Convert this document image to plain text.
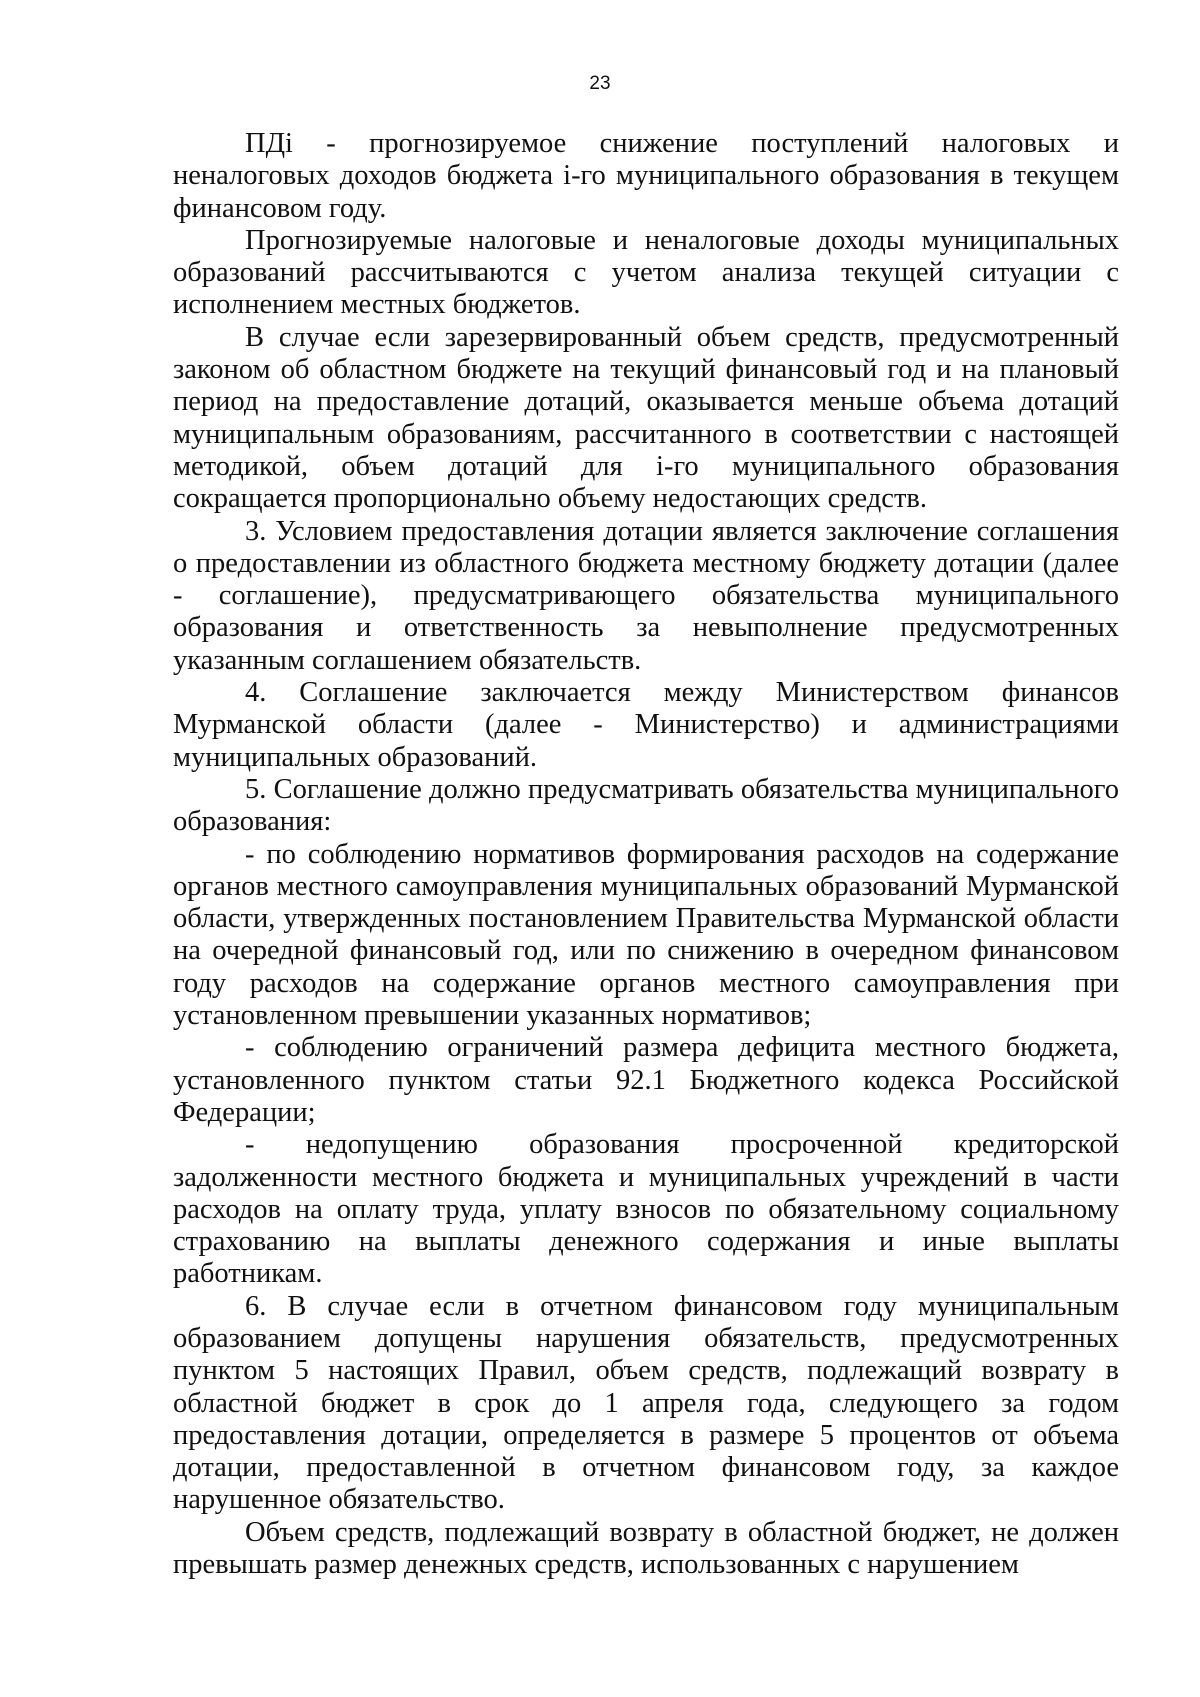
23

ПДi - прогнозируемое снижение поступлений налоговых и неналоговых доходов бюджета i-го муниципального образования в текущем финансовом году.

Прогнозируемые налоговые и неналоговые доходы муниципальных образований рассчитываются с учетом анализа текущей ситуации с исполнением местных бюджетов.

В случае если зарезервированный объем средств, предусмотренный законом об областном бюджете на текущий финансовый год и на плановый период на предоставление дотаций, оказывается меньше объема дотаций муниципальным образованиям, рассчитанного в соответствии с настоящей методикой, объем дотаций для i-го муниципального образования сокращается пропорционально объему недостающих средств.

3. Условием предоставления дотации является заключение соглашения о предоставлении из областного бюджета местному бюджету дотации (далее - соглашение), предусматривающего обязательства муниципального образования и ответственность за невыполнение предусмотренных указанным соглашением обязательств.

4. Соглашение заключается между Министерством финансов Мурманской области (далее - Министерство) и администрациями муниципальных образований.

5. Соглашение должно предусматривать обязательства муниципального образования:

- по соблюдению нормативов формирования расходов на содержание органов местного самоуправления муниципальных образований Мурманской области, утвержденных постановлением Правительства Мурманской области на очередной финансовый год, или по снижению в очередном финансовом году расходов на содержание органов местного самоуправления при установленном превышении указанных нормативов;

- соблюдению ограничений размера дефицита местного бюджета, установленного пунктом статьи 92.1 Бюджетного кодекса Российской Федерации;

- недопущению образования просроченной кредиторской задолженности местного бюджета и муниципальных учреждений в части расходов на оплату труда, уплату взносов по обязательному социальному страхованию на выплаты денежного содержания и иные выплаты работникам.

6. В случае если в отчетном финансовом году муниципальным образованием допущены нарушения обязательств, предусмотренных пунктом 5 настоящих Правил, объем средств, подлежащий возврату в областной бюджет в срок до 1 апреля года, следующего за годом предоставления дотации, определяется в размере 5 процентов от объема дотации, предоставленной в отчетном финансовом году, за каждое нарушенное обязательство.

Объем средств, подлежащий возврату в областной бюджет, не должен превышать размер денежных средств, использованных с нарушением
